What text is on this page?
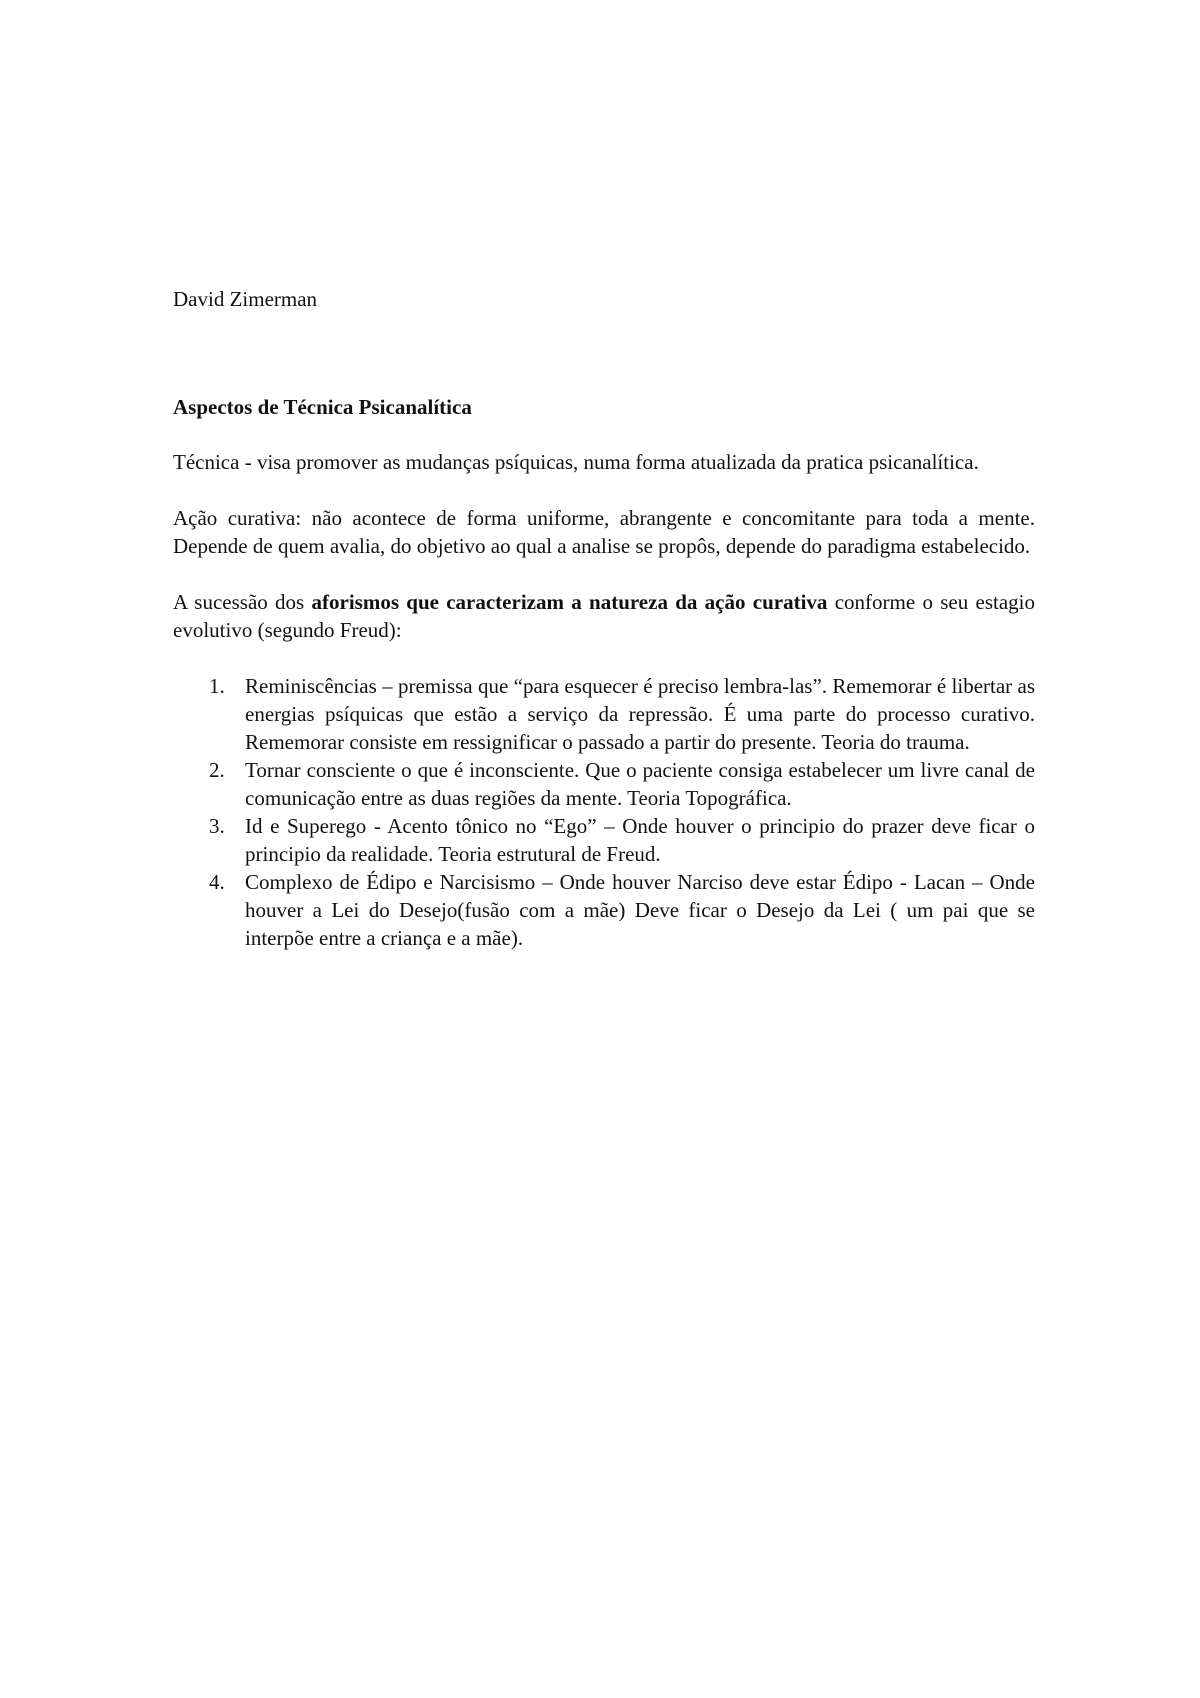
David Zimerman
Aspectos de Técnica Psicanalítica

Técnica - visa promover as mudanças psíquicas, numa forma atualizada da pratica psicanalítica.

Ação curativa: não acontece de forma uniforme, abrangente e concomitante para toda a mente. Depende de quem avalia, do objetivo ao qual a analise se propôs, depende do paradigma estabelecido.

A sucessão dos aforismos que caracterizam a natureza da ação curativa conforme o seu estagio evolutivo (segundo Freud):

1. Reminiscências – premissa que “para esquecer é preciso lembra-las”. Rememorar é libertar as energias psíquicas que estão a serviço da repressão. É uma parte do processo curativo. Rememorar consiste em ressignificar o passado a partir do presente. Teoria do trauma.
2. Tornar consciente o que é inconsciente. Que o paciente consiga estabelecer um livre canal de comunicação entre as duas regiões da mente. Teoria Topográfica.
3. Id e Superego - Acento tônico no “Ego” – Onde houver o principio do prazer deve ficar o principio da realidade. Teoria estrutural de Freud.
4. Complexo de Édipo e Narcisismo – Onde houver Narciso deve estar Édipo - Lacan – Onde houver a Lei do Desejo(fusão com a mãe) Deve ficar o Desejo da Lei ( um pai que se interpõe entre a criança e a mãe).
